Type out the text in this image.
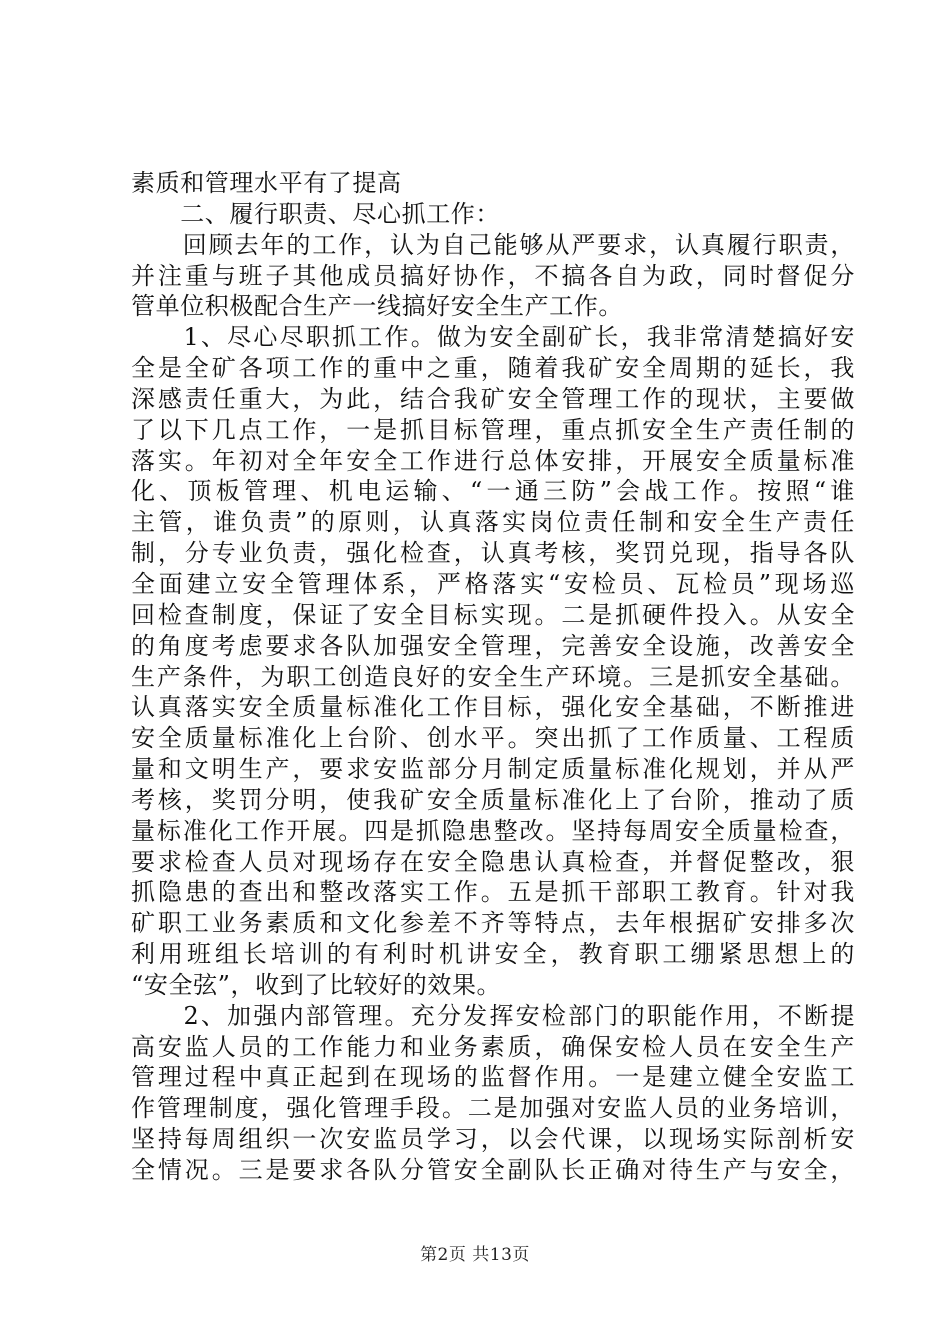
素质和管理水平有了提高
　　二、履行职责、尽心抓工作：
　　回顾去年的工作，认为自己能够从严要求，认真履行职责，
并注重与班子其他成员搞好协作，不搞各自为政，同时督促分
管单位积极配合生产一线搞好安全生产工作。
　　1、尽心尽职抓工作。做为安全副矿长，我非常清楚搞好安
全是全矿各项工作的重中之重，随着我矿安全周期的延长，我
深感责任重大，为此，结合我矿安全管理工作的现状，主要做
了以下几点工作，一是抓目标管理，重点抓安全生产责任制的
落实。年初对全年安全工作进行总体安排，开展安全质量标准
化、顶板管理、机电运输、“一通三防”会战工作。按照“谁
主管，谁负责”的原则，认真落实岗位责任制和安全生产责任
制，分专业负责，强化检查，认真考核，奖罚兑现，指导各队
全面建立安全管理体系，严格落实“安检员、瓦检员”现场巡
回检查制度，保证了安全目标实现。二是抓硬件投入。从安全
的角度考虑要求各队加强安全管理，完善安全设施，改善安全
生产条件，为职工创造良好的安全生产环境。三是抓安全基础。
认真落实安全质量标准化工作目标，强化安全基础，不断推进
安全质量标准化上台阶、创水平。突出抓了工作质量、工程质
量和文明生产，要求安监部分月制定质量标准化规划，并从严
考核，奖罚分明，使我矿安全质量标准化上了台阶，推动了质
量标准化工作开展。四是抓隐患整改。坚持每周安全质量检查，
要求检查人员对现场存在安全隐患认真检查，并督促整改，狠
抓隐患的查出和整改落实工作。五是抓干部职工教育。针对我
矿职工业务素质和文化参差不齐等特点，去年根据矿安排多次
利用班组长培训的有利时机讲安全，教育职工绷紧思想上的
“安全弦”，收到了比较好的效果。
　　2、加强内部管理。充分发挥安检部门的职能作用，不断提
高安监人员的工作能力和业务素质，确保安检人员在安全生产
管理过程中真正起到在现场的监督作用。一是建立健全安监工
作管理制度，强化管理手段。二是加强对安监人员的业务培训，
坚持每周组织一次安监员学习，以会代课，以现场实际剖析安
全情况。三是要求各队分管安全副队长正确对待生产与安全，
第2页 共13页
